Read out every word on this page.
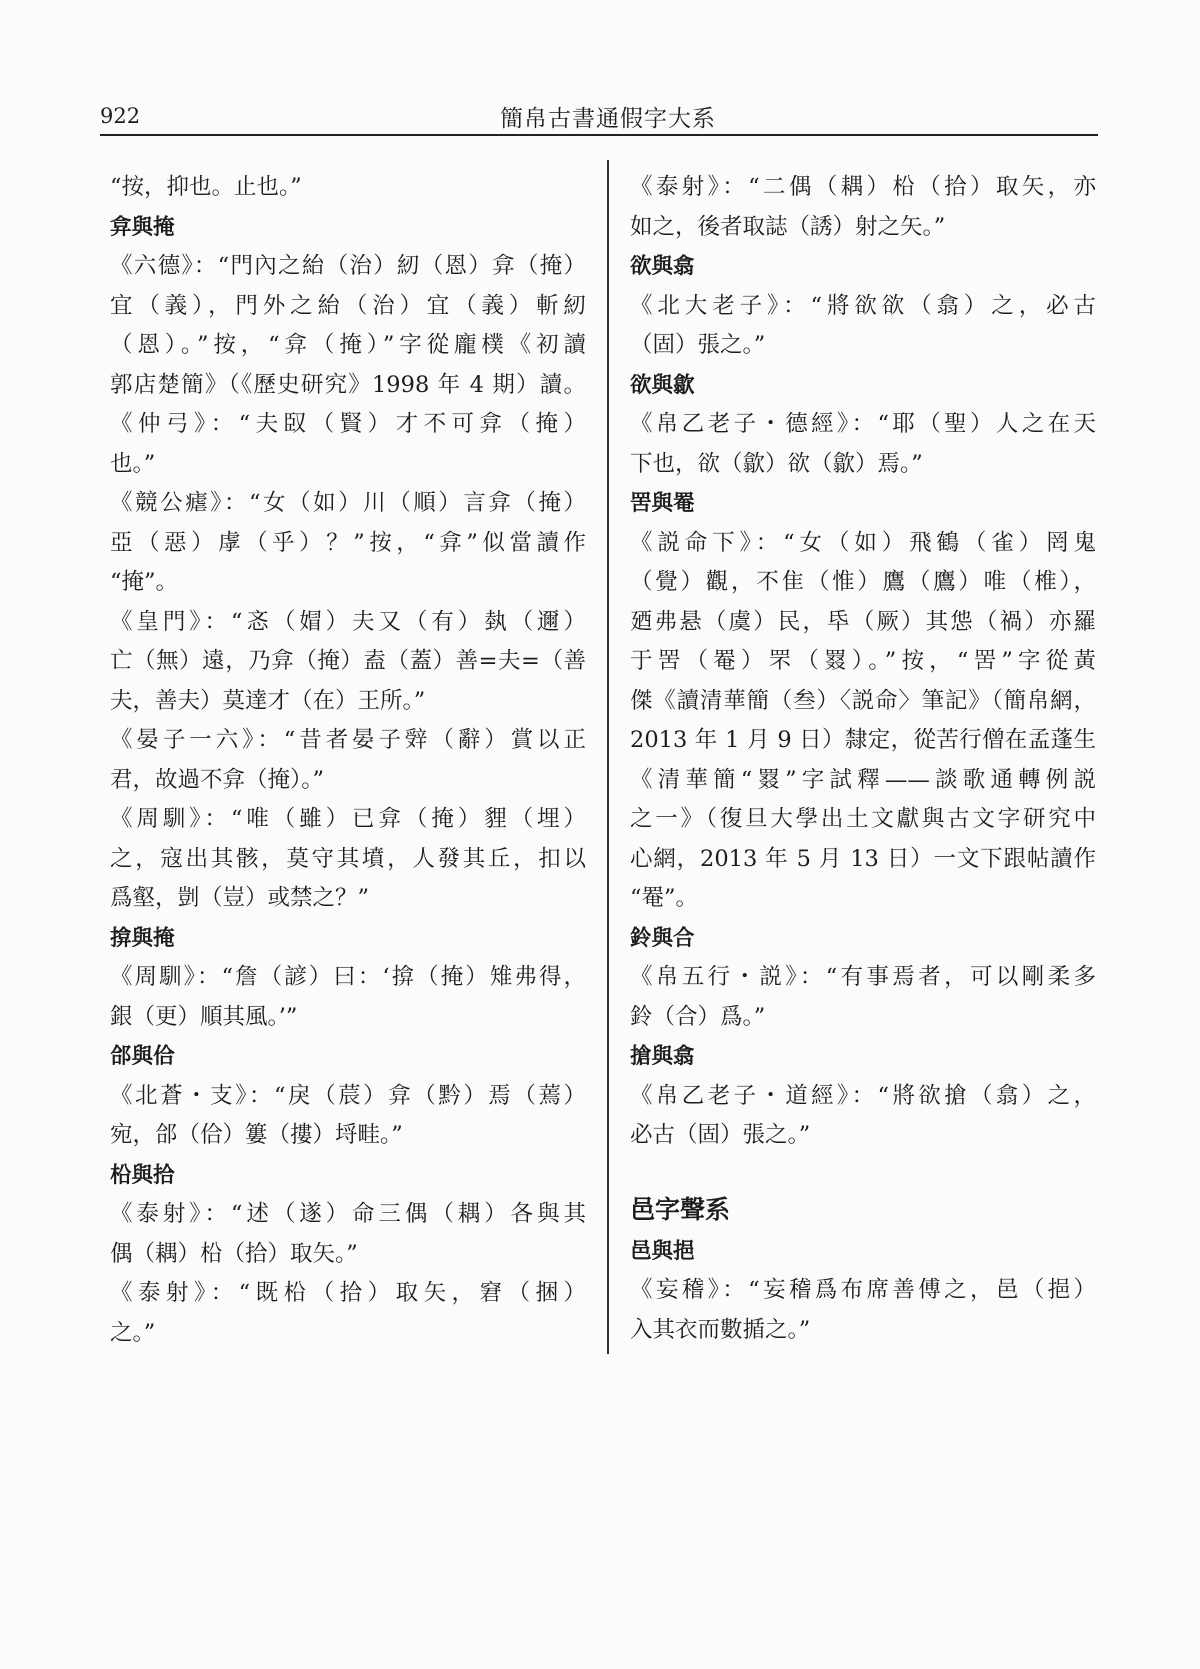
922	簡帛古書通假字大系
“按，抑也。止也。”
弇與掩
《六德》：“門內之紿（治）紉（恩）弇（掩）
宜（義），門外之紿（治）宜（義）斬紉
（恩）。”按，“弇（掩）”字從龐樸《初讀
郭店楚簡》（《歷史研究》1998 年 4 期）讀。
《仲弓》：“夫臤（賢）才不可弇（掩）
也。”
《競公瘧》：“女（如）川（順）言弇（掩）
亞（惡）虖（乎）？”按，“弇”似當讀作
“掩”。
《皇門》：“忞（媢）夫又（有）埶（邇）
亡（無）遠，乃弇（掩）盍（蓋）善=夫=（善
夫，善夫）莫達才（在）王所。”
《晏子一六》：“昔者晏子辤（辭）賞以正
君，故過不弇（掩）。”
《周馴》：“唯（雖）已弇（掩）貍（埋）
之，寇出其骸，莫守其墳，人發其丘，扣以
爲壑，剴（豈）或禁之？”
揜與掩
《周馴》：“詹（諺）曰：‘揜（掩）雉弗得，
銀（更）順其風。’”
郃與佮
《北蒼・支》：“戾（莀）弇（黔）焉（蔫）
宛，郃（佮）簍（摟）埒畦。”
柗與拾
《泰射》：“述（遂）命三偶（耦）各與其
偶（耦）柗（拾）取矢。”
《泰射》：“既柗（拾）取矢，窘（捆）
之。”
《泰射》：“二偶（耦）柗（拾）取矢，亦
如之，後者取誌（誘）射之矢。”
欲與翕
《北大老子》：“將欲欲（翕）之，必古
（固）張之。”
欲與歙
《帛乙老子・德經》：“耶（聖）人之在天
下也，欲（歙）欲（歙）焉。”
罟與罨
《説命下》：“女（如）飛鶴（雀）罔鬼
（覺）觀，不隹（惟）鷹（鷹）唯（椎），
廼弗悬（虞）民，氒（厥）其怹（禍）亦羅
于罟（罨）罘（罬）。”按，“罟”字從黃
傑《讀清華簡（叁）〈説命〉筆記》（簡帛網，
2013 年 1 月 9 日）隸定，從苦行僧在孟蓬生
《清華簡“罬”字試釋——談歌通轉例説
之一》（復旦大學出土文獻與古文字研究中
心網，2013 年 5 月 13 日）一文下跟帖讀作
“罨”。
鈴與合
《帛五行・説》：“有事焉者，可以剛柔多
鈴（合）爲。”
搶與翕
《帛乙老子・道經》：“將欲搶（翕）之，
必古（固）張之。”
邑字聲系
邑與挹
《妄稽》：“妄稽爲布席善傅之，邑（挹）
入其衣而數揗之。”
